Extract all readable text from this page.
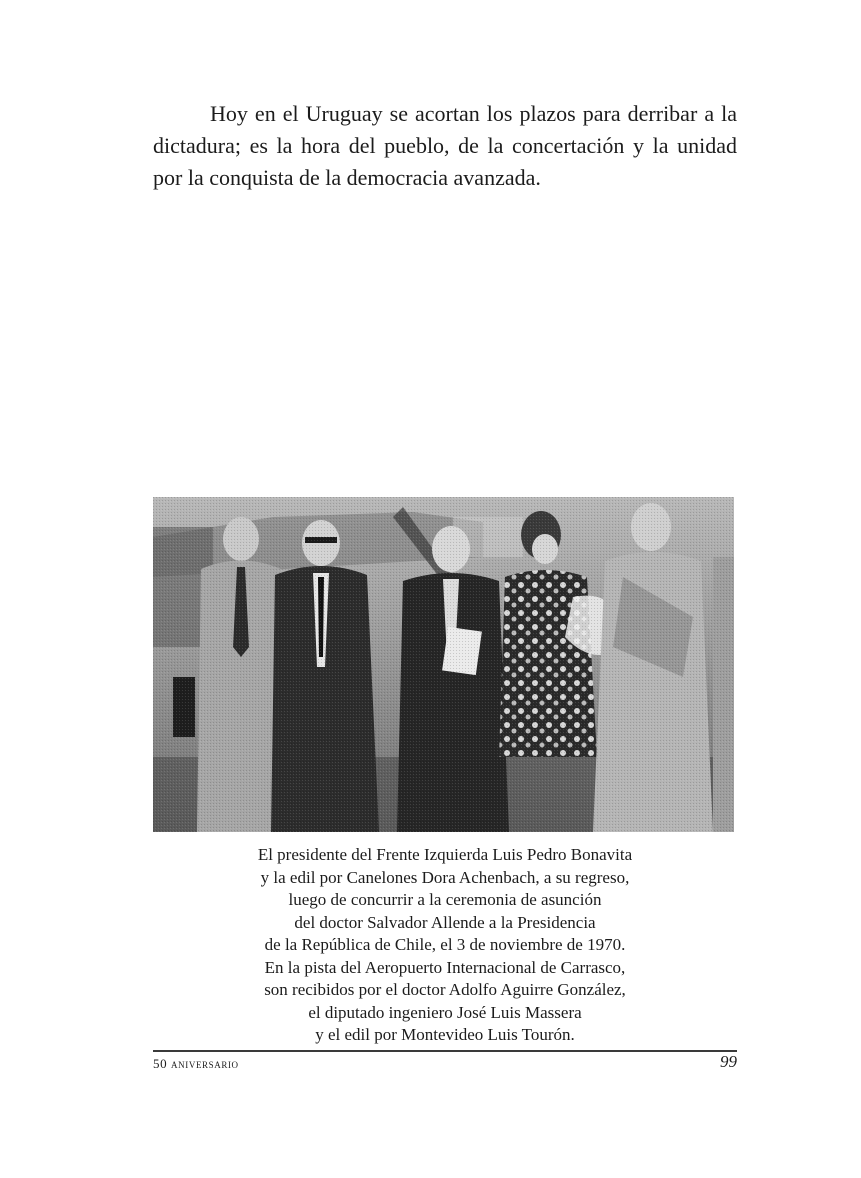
Hoy en el Uruguay se acortan los plazos para derribar a la dictadura; es la hora del pueblo, de la concertación y la unidad por la conquista de la democracia avanzada.

El presidente del Frente Izquierda Luis Pedro Bonavita
y la edil por Canelones Dora Achenbach, a su regreso,
luego de concurrir a la ceremonia de asunción
del doctor Salvador Allende a la Presidencia
de la República de Chile, el 3 de noviembre de 1970.
En la pista del Aeropuerto Internacional de Carrasco,
son recibidos por el doctor Adolfo Aguirre González,
el diputado ingeniero José Luis Massera
y el edil por Montevideo Luis Tourón.
50 aniversario	99
